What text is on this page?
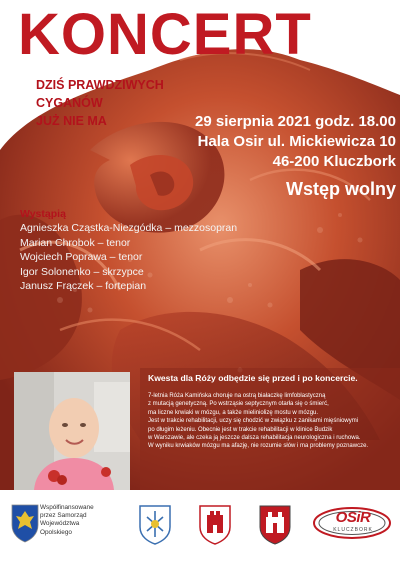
KONCERT
DZIŚ PRAWDZIWYCH
CYGANÓW
JUŻ NIE MA	29 sierpnia 2021 godz. 18.00
Hala Osir ul. Mickiewicza 10
46-200 Kluczbork
Wstęp wolny
Wystąpią
Agnieszka Cząstka-Niezgódka – mezzosopran
Marian Chrobok – tenor
Wojciech Poprawa – tenor
Igor Solonenko – skrzypce
Janusz Frączek – fortepian
Kwesta dla Róży odbędzie się przed i po koncercie.
7-letnia Róża Kamińska choruje na ostrą białaczkę limfoblastyczną
z mutacją genetyczną. Po wstrząsie septycznym otarła się o śmierć,
ma liczne krwiaki w mózgu, a także mieliniolizę mostu w mózgu.
Jest w trakcie rehabilitacji, uczy się chodzić w związku z zanikami mięśniowymi
po długim leżeniu. Obecnie jest w trakcie rehabilitacji w klinice Budzik
w Warszawie, ale czeka ją jeszcze dalsza rehabilitacja neurologiczna i ruchowa.
W wyniku krwiaków mózgu ma afazję, nie rozumie słów i ma problemy poznawcze.
Współfinansowane
przez Samorząd
Województwa
Opolskiego
OSiR
KLUCZBORK
